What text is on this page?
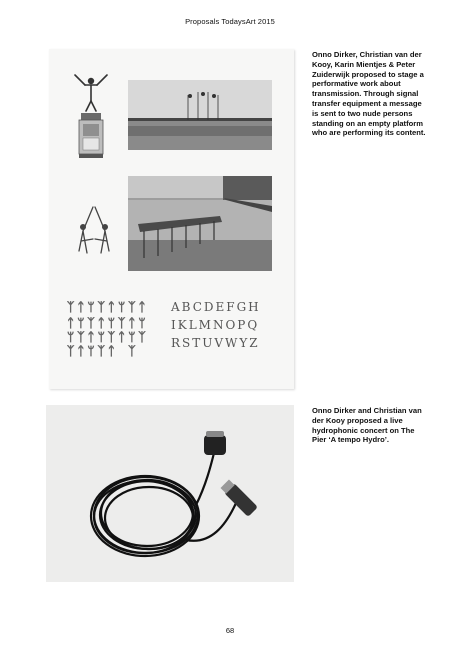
Proposals TodaysArt 2015
ᛉᛏᛘᛉᛏᛘᛉᛏ
ᛏᛘᛉᛏᛘᛉᛏᛘ
ᛘᛉᛏᛘᛉᛏᛘᛉ
ᛉᛏᛘᛉᛏ ᛉ
ABCDEFGH
IKLMNOPQ
RSTUVWYZ
Onno Dirker, Christian van der Kooy, Karin Mientjes & Peter Zuiderwijk proposed to stage a performative work about transmission. Through signal transfer equipment a message is sent to two nude persons standing on an empty platform who are performing its content.
Onno Dirker and Christian van der Kooy proposed a live hydrophonic concert on The Pier ‘A tempo Hydro’.
68
